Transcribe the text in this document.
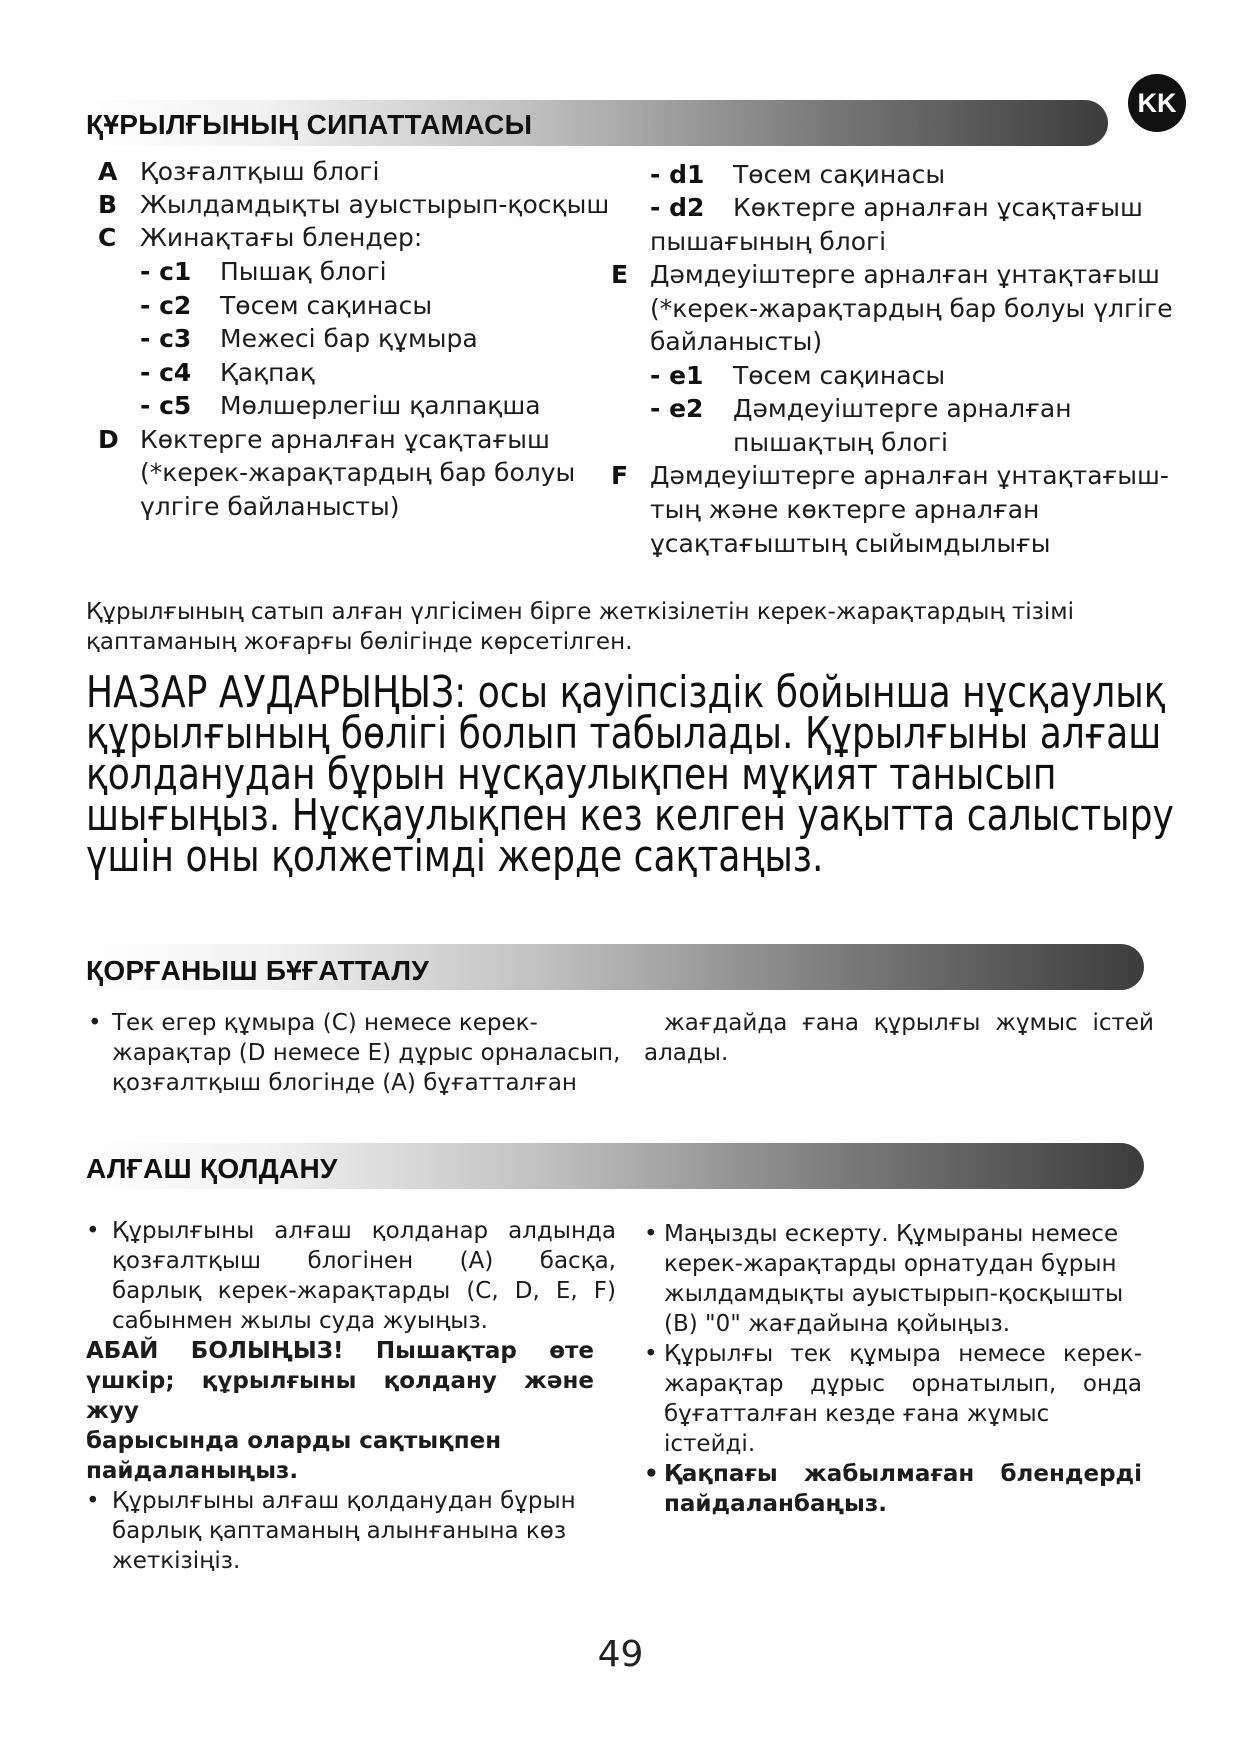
KK
ҚҰРЫЛҒЫНЫҢ СИПАТТАМАСЫ
A Қозғалтқыш блогі
B Жылдамдықты ауыстырып-қосқыш
C Жинақтағы блендер:
- c1 Пышақ блогі
- c2 Төсем сақинасы
- c3 Межесі бар құмыра
- c4 Қақпақ
- c5 Мөлшерлегіш қалпақша
D Көктерге арналған ұсақтағыш
(*керек-жарақтардың бар болуы
үлгіге байланысты)
- d1 Төсем сақинасы
- d2 Көктерге арналған ұсақтағыш
пышағының блогі
E Дәмдеуіштерге арналған ұнтақтағыш
(*керек-жарақтардың бар болуы үлгіге
байланысты)
- e1 Төсем сақинасы
- e2 Дәмдеуіштерге арналған
пышақтың блогі
F Дәмдеуіштерге арналған ұнтақтағыш-
тың және көктерге арналған
ұсақтағыштың сыйымдылығы
Құрылғының сатып алған үлгісімен бірге жеткізілетін керек-жарақтардың тізімі
қаптаманың жоғарғы бөлігінде көрсетілген.
НАЗАР АУДАРЫҢЫЗ: осы қауіпсіздік бойынша нұсқаулық
құрылғының бөлігі болып табылады. Құрылғыны алғаш
қолданудан бұрын нұсқаулықпен мұқият танысып
шығыңыз. Нұсқаулықпен кез келген уақытта салыстыру
үшін оны қолжетімді жерде сақтаңыз.
ҚОРҒАНЫШ БҰҒАТТАЛУ
• Тек егер құмыра (С) немесе керек-
жарақтар (D немесе Е) дұрыс орналасып,
қозғалтқыш блогінде (А) бұғатталған
жағдайда ғана құрылғы жұмыс істей
алады.
АЛҒАШ ҚОЛДАНУ
• Құрылғыны алғаш қолданар алдында
қозғалтқыш блогінен (А) басқа,
барлық керек-жарақтарды (С, D, E, F)
сабынмен жылы суда жуыңыз.
АБАЙ БОЛЫҢЫЗ! Пышақтар өте
үшкір; құрылғыны қолдану және жуу
барысында оларды сақтықпен
пайдаланыңыз.
• Құрылғыны алғаш қолданудан бұрын
барлық қаптаманың алынғанына көз
жеткізіңіз.
• Маңызды ескерту. Құмыраны немесе
керек-жарақтарды орнатудан бұрын
жылдамдықты ауыстырып-қосқышты
(В) "0" жағдайына қойыңыз.
• Құрылғы тек құмыра немесе керек-
жарақтар дұрыс орнатылып, онда
бұғатталған кезде ғана жұмыс істейді.
• Қақпағы жабылмаған блендерді
пайдаланбаңыз.
49
